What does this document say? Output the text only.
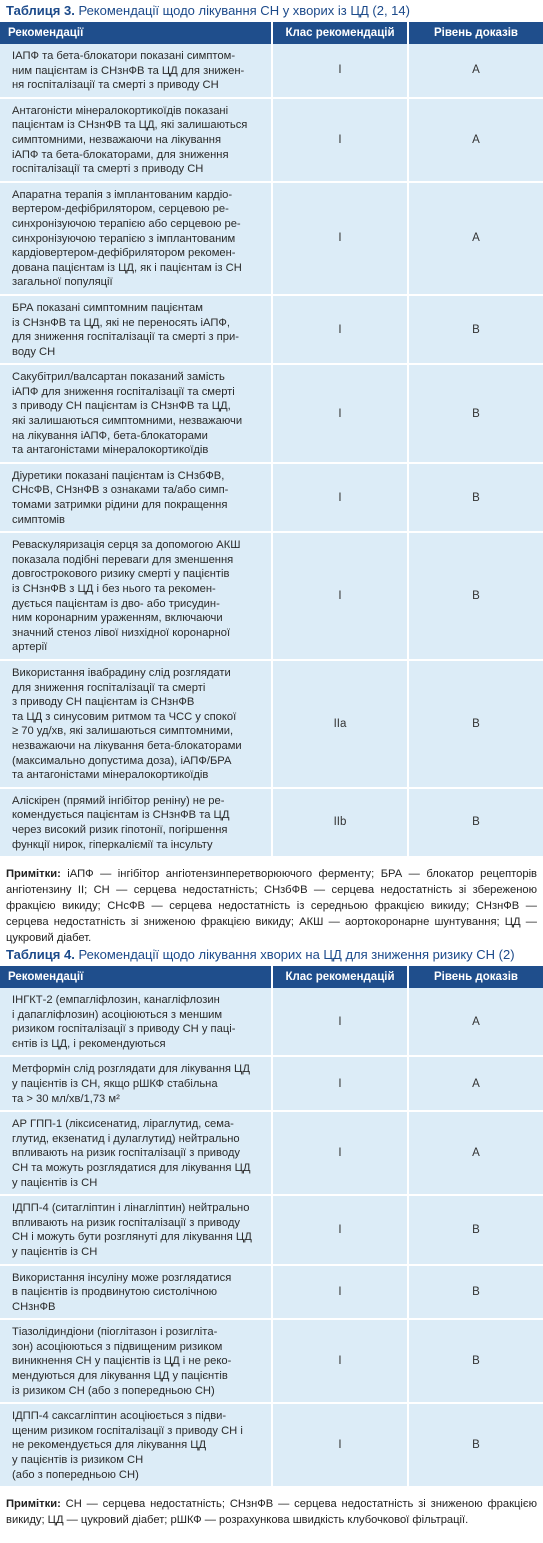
Таблиця 3. Рекомендації щодо лікування СН у хворих із ЦД (2, 14)
Рекомендації	Клас рекомендацій	Рівень доказів
ІАПФ та бета-блокатори показані симптом-
ним пацієнтам із СНзнФВ та ЦД для знижен-
ня госпіталізації та смерті з приводу СН
I	A
Антагоністи мінералокортикоїдів показані
пацієнтам із СНзнФВ та ЦД, які залишаються
симптомними, незважаючи на лікування
іАПФ та бета-блокаторами, для зниження
госпіталізації та смерті з приводу СН
I	A
Апаратна терапія з імплантованим кардіо-
вертером-дефібрилятором, серцевою ре-
синхронізуючою терапією або серцевою ре-
синхронізуючою терапією з імплантованим
кардіовертером-дефібрилятором рекомен-
дована пацієнтам із ЦД, як і пацієнтам із СН
загальної популяції
I	A
БРА показані симптомним пацієнтам
із СНзнФВ та ЦД, які не переносять іАПФ,
для зниження госпіталізації та смерті з при-
воду СН
I	B
Сакубітрил/валсартан показаний замість
іАПФ для зниження госпіталізації та смерті
з приводу СН пацієнтам із СНзнФВ та ЦД,
які залишаються симптомними, незважаючи
на лікування іАПФ, бета-блокаторами
та антагоністами мінералокортикоїдів
I	B
Діуретики показані пацієнтам із СНзбФВ,
СНсФВ, СНзнФВ з ознаками та/або симп-
томами затримки рідини для покращення
симптомів
I	B
Реваскуляризація серця за допомогою АКШ
показала подібні переваги для зменшення
довгострокового ризику смерті у пацієнтів
із СНзнФВ з ЦД і без нього та рекомен-
дується пацієнтам із дво- або трисудин-
ним коронарним ураженням, включаючи
значний стеноз лівої низхідної коронарної
артерії
I	B
Використання івабрадину слід розглядати
для зниження госпіталізації та смерті
з приводу СН пацієнтам із СНзнФВ
та ЦД з синусовим ритмом та ЧСС у спокої
≥ 70 уд/хв, які залишаються симптомними,
незважаючи на лікування бета-блокаторами
(максимально допустима доза), іАПФ/БРА
та антагоністами мінералокортикоїдів
IIa	B
Аліскірен (прямий інгібітор реніну) не ре-
комендується пацієнтам із СНзнФВ та ЦД
через високий ризик гіпотонії, погіршення
функції нирок, гіперкаліємії та інсульту
IIb	B
Примітки: іАПФ — інгібітор ангіотензинперетворюючого ферменту; БРА — блокатор рецепторів ангіотензину II; СН — серцева недостатність; СНзбФВ — серцева недостатність зі збереженою фракцією викиду; СНсФВ — серцева недостатність із середньою фракцією викиду; СНзнФВ — серцева недостатність зі зниженою фракцією викиду; АКШ — аортокоронарне шунтування; ЦД — цукровий діабет.
Таблиця 4. Рекомендації щодо лікування хворих на ЦД для зниження ризику СН (2)
Рекомендації	Клас рекомендацій	Рівень доказів
ІНГКТ-2 (емпагліфлозин, канагліфлозин
і дапагліфлозин) асоціюються з меншим
ризиком госпіталізації з приводу СН у паці-
єнтів із ЦД, і рекомендуються
I	A
Метформін слід розглядати для лікування ЦД
у пацієнтів із СН, якщо рШКФ стабільна
та > 30 мл/хв/1,73 м²
I	A
АР ГПП-1 (ліксисенатид, ліраглутид, сема-
глутид, екзенатид і дулаглутид) нейтрально
впливають на ризик госпіталізації з приводу
СН та можуть розглядатися для лікування ЦД
у пацієнтів із СН
I	A
ІДПП-4 (ситагліптин і лінагліптин) нейтрально
впливають на ризик госпіталізації з приводу
СН і можуть бути розглянуті для лікування ЦД
у пацієнтів із СН
I	B
Використання інсуліну може розглядатися
в пацієнтів із продвинутою систолічною
СНзнФВ
I	B
Тіазолідиндіони (піоглітазон і розиглітa-
зон) асоціюються з підвищеним ризиком
виникнення СН у пацієнтів із ЦД і не реко-
мендуються для лікування ЦД у пацієнтів
із ризиком СН (або з попередньою СН)
I	B
ІДПП-4 саксагліптин асоціюється з підви-
щеним ризиком госпіталізації з приводу СН і
не рекомендується для лікування ЦД
у пацієнтів із ризиком СН
(або з попередньою СН)
I	B
Примітки: СН — серцева недостатність; СНзнФВ — серцева недостатність зі зниженою фракцією викиду; ЦД — цукровий діабет; рШКФ — розрахункова швидкість клубочкової фільтрації.
